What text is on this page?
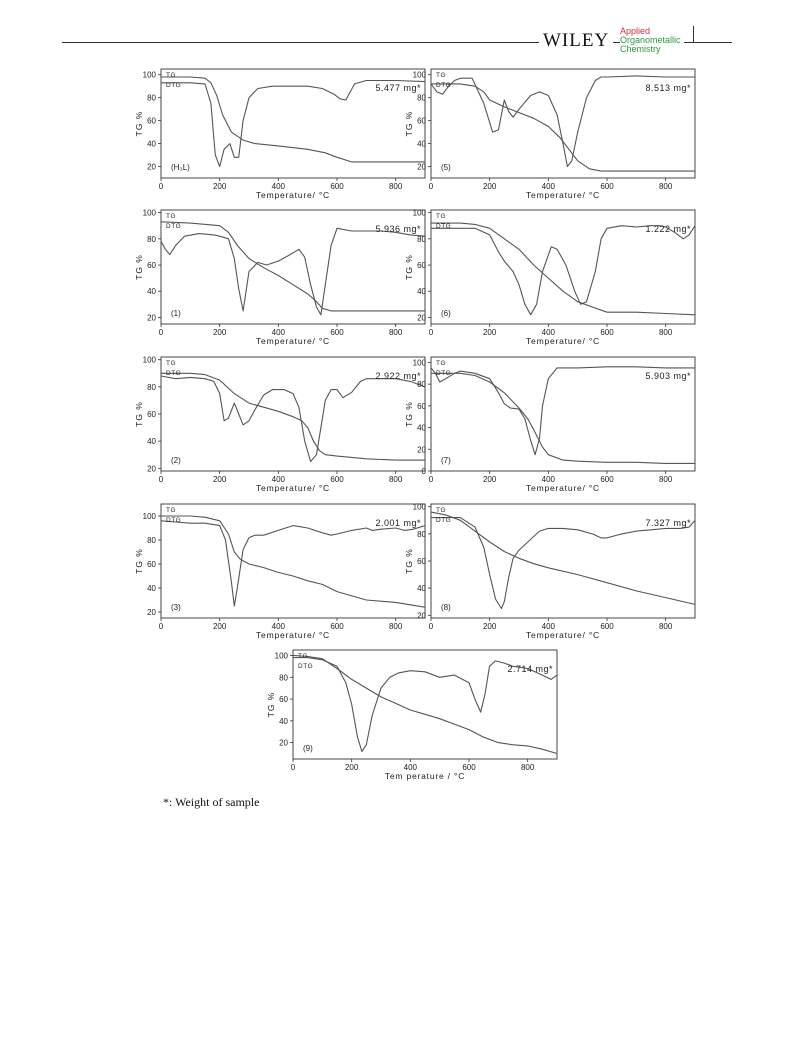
WILEY	Applied
Organometallic
Chemistry
0	200	400	600	800
20
40
60
80
100
Temperature/ °C
TG %
TG
DTG	5.477 mg*
(H₃L)
0	200	400	600	800
20
40
60
80
100
Temperature/ °C
TG %
TG
DTG	8.513 mg*
(5)
0	200	400	600	800
20
40
60
80
100
Temperature/ °C
TG %
TG
DTG	5.936 mg*
(1)
0	200	400	600	800
20
40
60
80
100
Temperature/ °C
TG %
TG
DTG	1.222 mg*
(6)
0	200	400	600	800
20
40
60
80
100
Temperature/ °C
TG %
TG
DTG	2.922 mg*
(2)
0	200	400	600	800
0
20
40
60
80
100
Temperature/ °C
TG %
TG
DTG	5.903 mg*
(7)
0	200	400	600	800
20
40
60
80
100
Temperature/ °C
TG %
TG
DTG	2.001 mg*
(3)
0	200	400	600	800
20
40
60
80
100
Temperature/ °C
TG %
TG
DTG	7.327 mg*
(8)
0	200	400	600	800
20
40
60
80
100
Tem perature / °C
TG %
TG
DTG	2.714 mg*
(9)
*: Weight of sample
